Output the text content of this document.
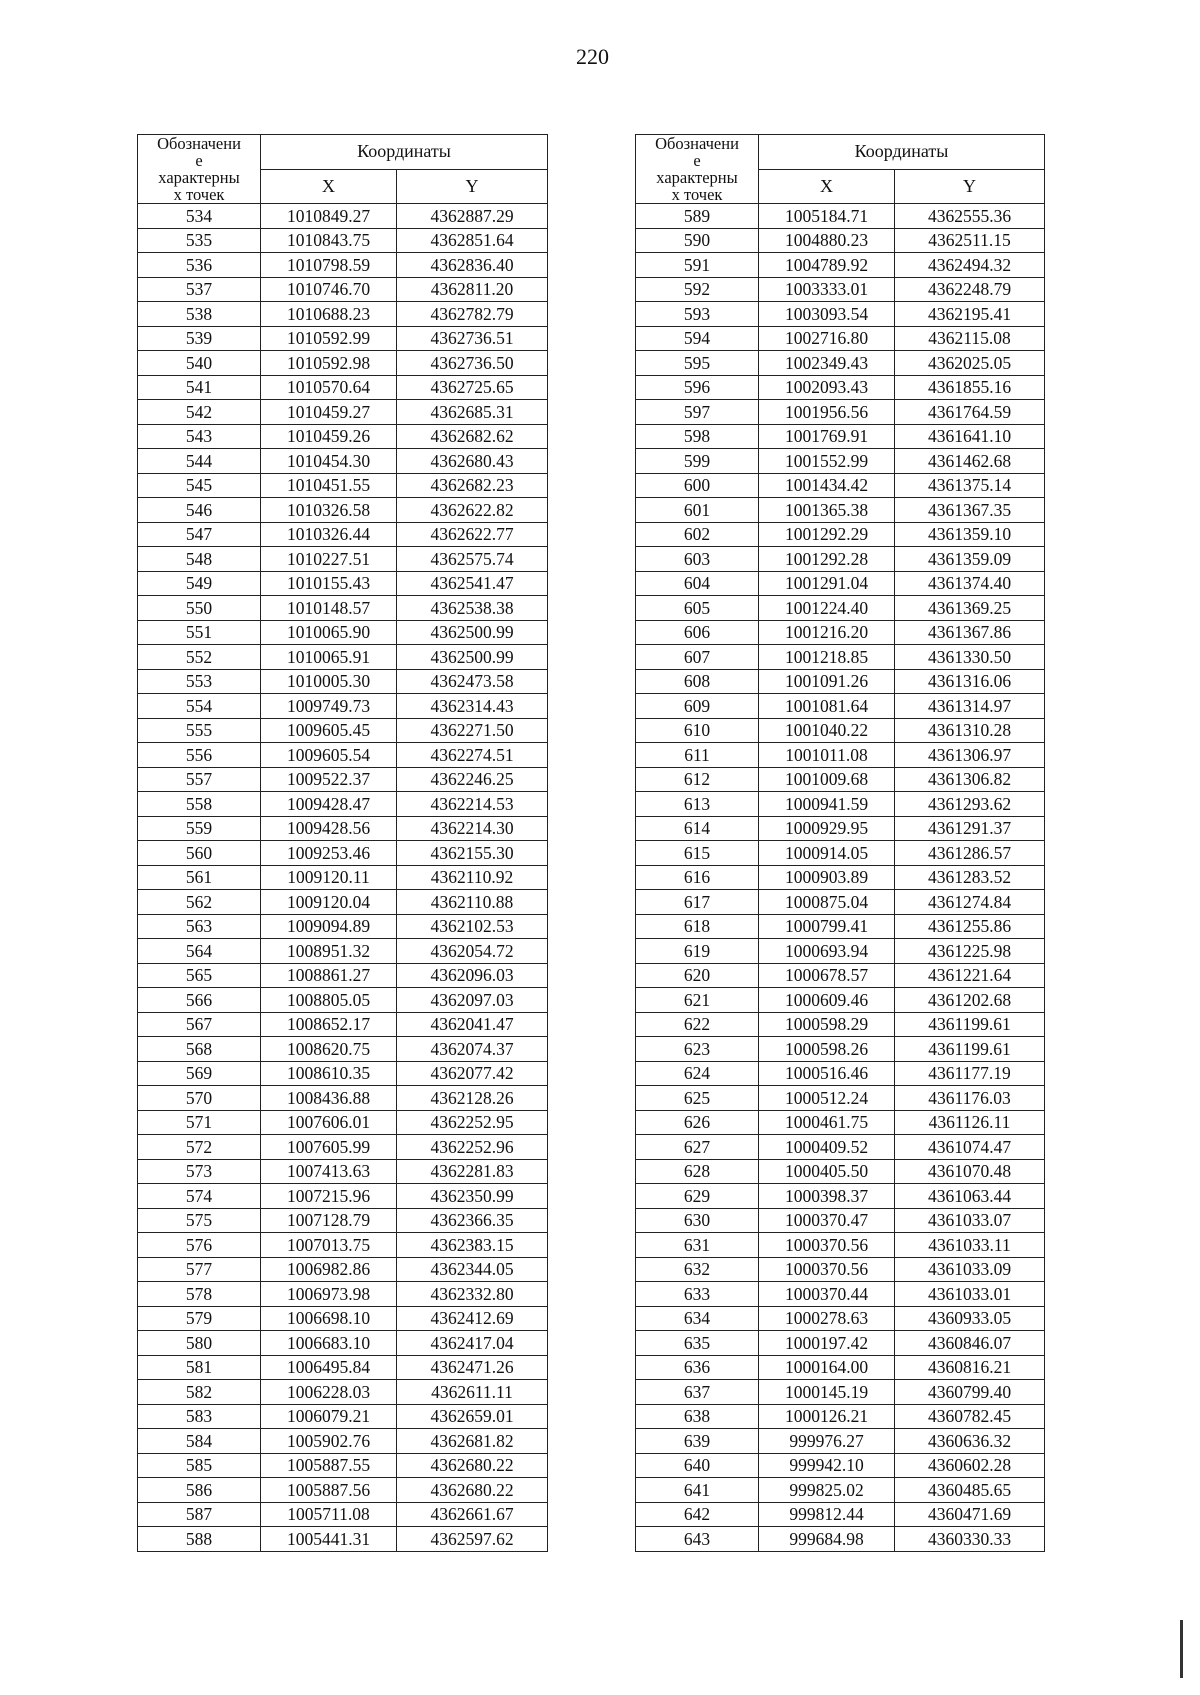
220
Обозначени
е
характерны
х точек	Координаты	
	X	Y
534	1010849.27	4362887.29
535	1010843.75	4362851.64
536	1010798.59	4362836.40
537	1010746.70	4362811.20
538	1010688.23	4362782.79
539	1010592.99	4362736.51
540	1010592.98	4362736.50
541	1010570.64	4362725.65
542	1010459.27	4362685.31
543	1010459.26	4362682.62
544	1010454.30	4362680.43
545	1010451.55	4362682.23
546	1010326.58	4362622.82
547	1010326.44	4362622.77
548	1010227.51	4362575.74
549	1010155.43	4362541.47
550	1010148.57	4362538.38
551	1010065.90	4362500.99
552	1010065.91	4362500.99
553	1010005.30	4362473.58
554	1009749.73	4362314.43
555	1009605.45	4362271.50
556	1009605.54	4362274.51
557	1009522.37	4362246.25
558	1009428.47	4362214.53
559	1009428.56	4362214.30
560	1009253.46	4362155.30
561	1009120.11	4362110.92
562	1009120.04	4362110.88
563	1009094.89	4362102.53
564	1008951.32	4362054.72
565	1008861.27	4362096.03
566	1008805.05	4362097.03
567	1008652.17	4362041.47
568	1008620.75	4362074.37
569	1008610.35	4362077.42
570	1008436.88	4362128.26
571	1007606.01	4362252.95
572	1007605.99	4362252.96
573	1007413.63	4362281.83
574	1007215.96	4362350.99
575	1007128.79	4362366.35
576	1007013.75	4362383.15
577	1006982.86	4362344.05
578	1006973.98	4362332.80
579	1006698.10	4362412.69
580	1006683.10	4362417.04
581	1006495.84	4362471.26
582	1006228.03	4362611.11
583	1006079.21	4362659.01
584	1005902.76	4362681.82
585	1005887.55	4362680.22
586	1005887.56	4362680.22
587	1005711.08	4362661.67
588	1005441.31	4362597.62
Обозначени
е
характерны
х точек	Координаты	
	X	Y
589	1005184.71	4362555.36
590	1004880.23	4362511.15
591	1004789.92	4362494.32
592	1003333.01	4362248.79
593	1003093.54	4362195.41
594	1002716.80	4362115.08
595	1002349.43	4362025.05
596	1002093.43	4361855.16
597	1001956.56	4361764.59
598	1001769.91	4361641.10
599	1001552.99	4361462.68
600	1001434.42	4361375.14
601	1001365.38	4361367.35
602	1001292.29	4361359.10
603	1001292.28	4361359.09
604	1001291.04	4361374.40
605	1001224.40	4361369.25
606	1001216.20	4361367.86
607	1001218.85	4361330.50
608	1001091.26	4361316.06
609	1001081.64	4361314.97
610	1001040.22	4361310.28
611	1001011.08	4361306.97
612	1001009.68	4361306.82
613	1000941.59	4361293.62
614	1000929.95	4361291.37
615	1000914.05	4361286.57
616	1000903.89	4361283.52
617	1000875.04	4361274.84
618	1000799.41	4361255.86
619	1000693.94	4361225.98
620	1000678.57	4361221.64
621	1000609.46	4361202.68
622	1000598.29	4361199.61
623	1000598.26	4361199.61
624	1000516.46	4361177.19
625	1000512.24	4361176.03
626	1000461.75	4361126.11
627	1000409.52	4361074.47
628	1000405.50	4361070.48
629	1000398.37	4361063.44
630	1000370.47	4361033.07
631	1000370.56	4361033.11
632	1000370.56	4361033.09
633	1000370.44	4361033.01
634	1000278.63	4360933.05
635	1000197.42	4360846.07
636	1000164.00	4360816.21
637	1000145.19	4360799.40
638	1000126.21	4360782.45
639	999976.27	4360636.32
640	999942.10	4360602.28
641	999825.02	4360485.65
642	999812.44	4360471.69
643	999684.98	4360330.33
